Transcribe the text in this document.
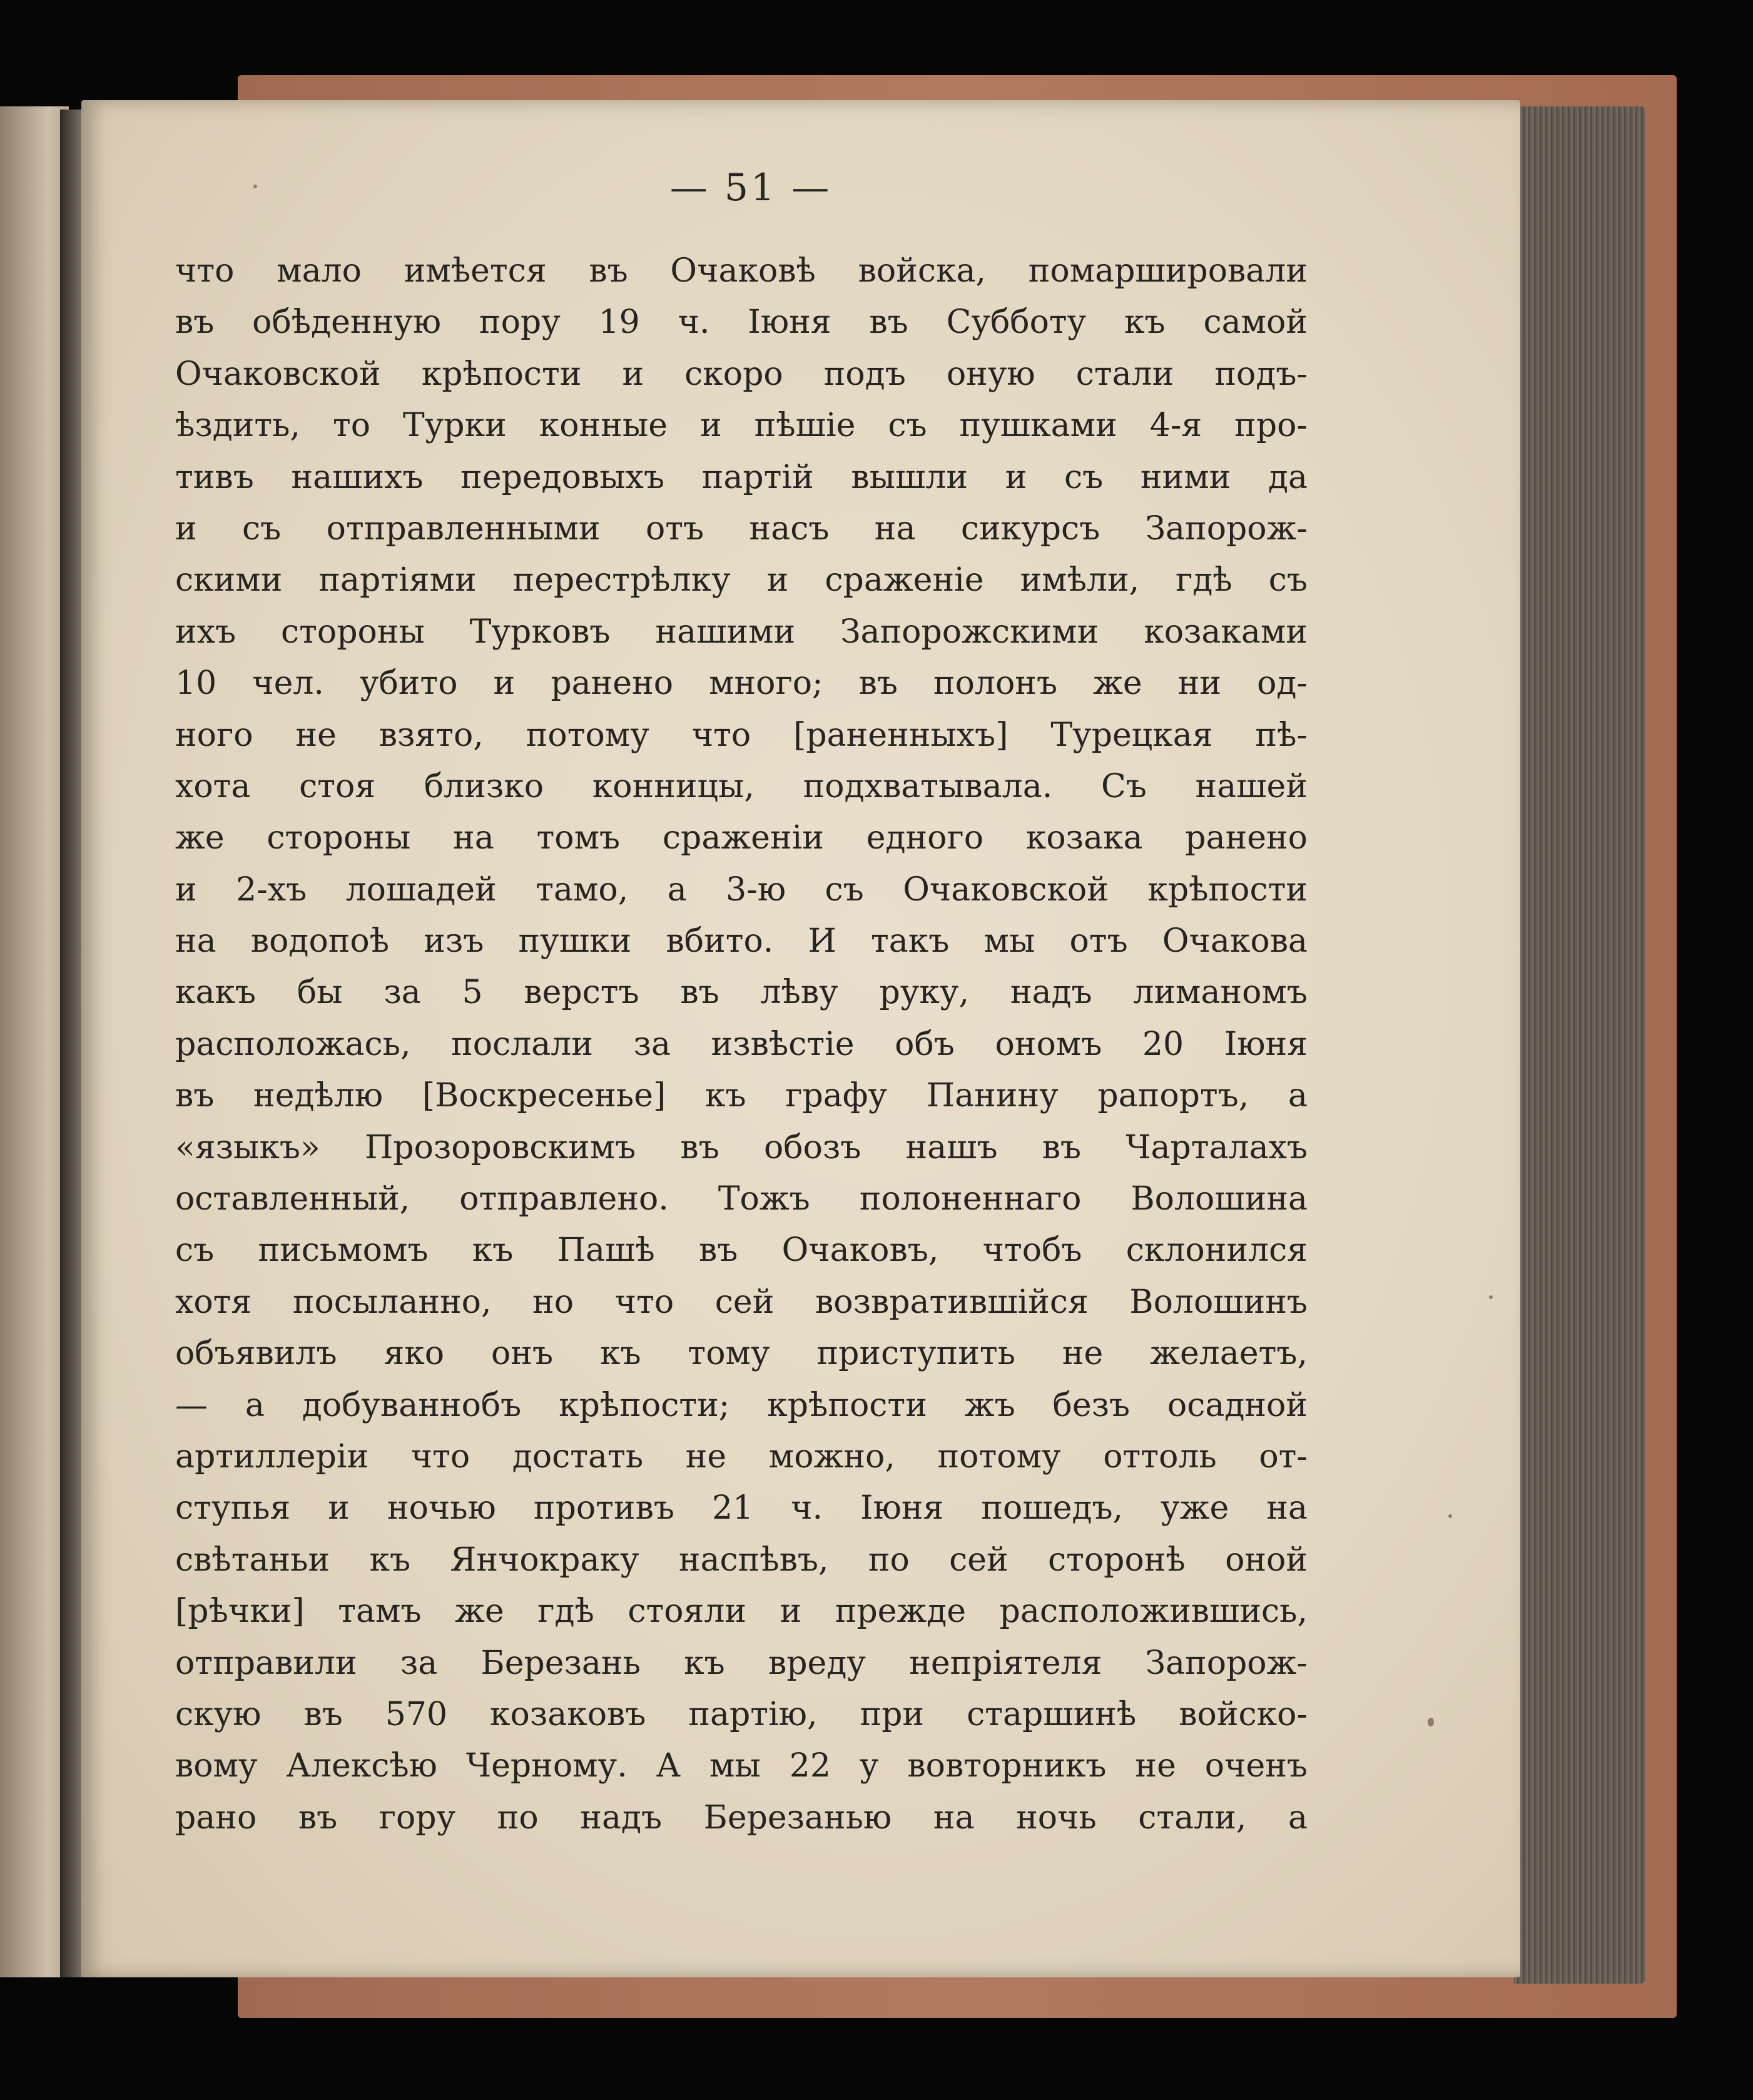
— 51 —
что мало имѣется въ Очаковѣ войска, помаршировали
въ обѣденную пору 19 ч. Іюня въ Субботу къ самой
Очаковской крѣпости и скоро подъ оную стали подъ-
ѣздить, то Турки конные и пѣшіе съ пушками 4-я про-
тивъ нашихъ передовыхъ партій вышли и съ ними да
и съ отправленными отъ насъ на сикурсъ Запорож-
скими партіями перестрѣлку и сраженіе имѣли, гдѣ съ
ихъ стороны Турковъ нашими Запорожскими козаками
10 чел. убито и ранено много; въ полонъ же ни од-
ного не взято, потому что [раненныхъ] Турецкая пѣ-
хота стоя близко конницы, подхватывала. Съ нашей
же стороны на томъ сраженіи едного козака ранено
и 2-хъ лошадей тамо, а 3-ю съ Очаковской крѣпости
на водопоѣ изъ пушки вбито. И такъ мы отъ Очакова
какъ бы за 5 верстъ въ лѣву руку, надъ лиманомъ
расположась, послали за извѣстіе объ ономъ 20 Іюня
въ недѣлю [Воскресенье] къ графу Панину рапортъ, а
«языкъ» Прозоровскимъ въ обозъ нашъ въ Чарталахъ
оставленный, отправлено. Тожъ полоненнаго Волошина
съ письмомъ къ Пашѣ въ Очаковъ, чтобъ склонился
хотя посыланно, но что сей возвратившійся Волошинъ
объявилъ яко онъ къ тому приступить не желаетъ,
— а добуваннобъ крѣпости; крѣпости жъ безъ осадной
артиллеріи что достать не можно, потому оттоль от-
ступья и ночью противъ 21 ч. Іюня пошедъ, уже на
свѣтаньи къ Янчокраку наспѣвъ, по сей сторонѣ оной
[рѣчки] тамъ же гдѣ стояли и прежде расположившись,
отправили за Березань къ вреду непріятеля Запорож-
скую въ 570 козаковъ партію, при старшинѣ войско-
вому Алексѣю Черному. А мы 22 у вовторникъ не оченъ
рано въ гору по надъ Березанью на ночь стали, а
